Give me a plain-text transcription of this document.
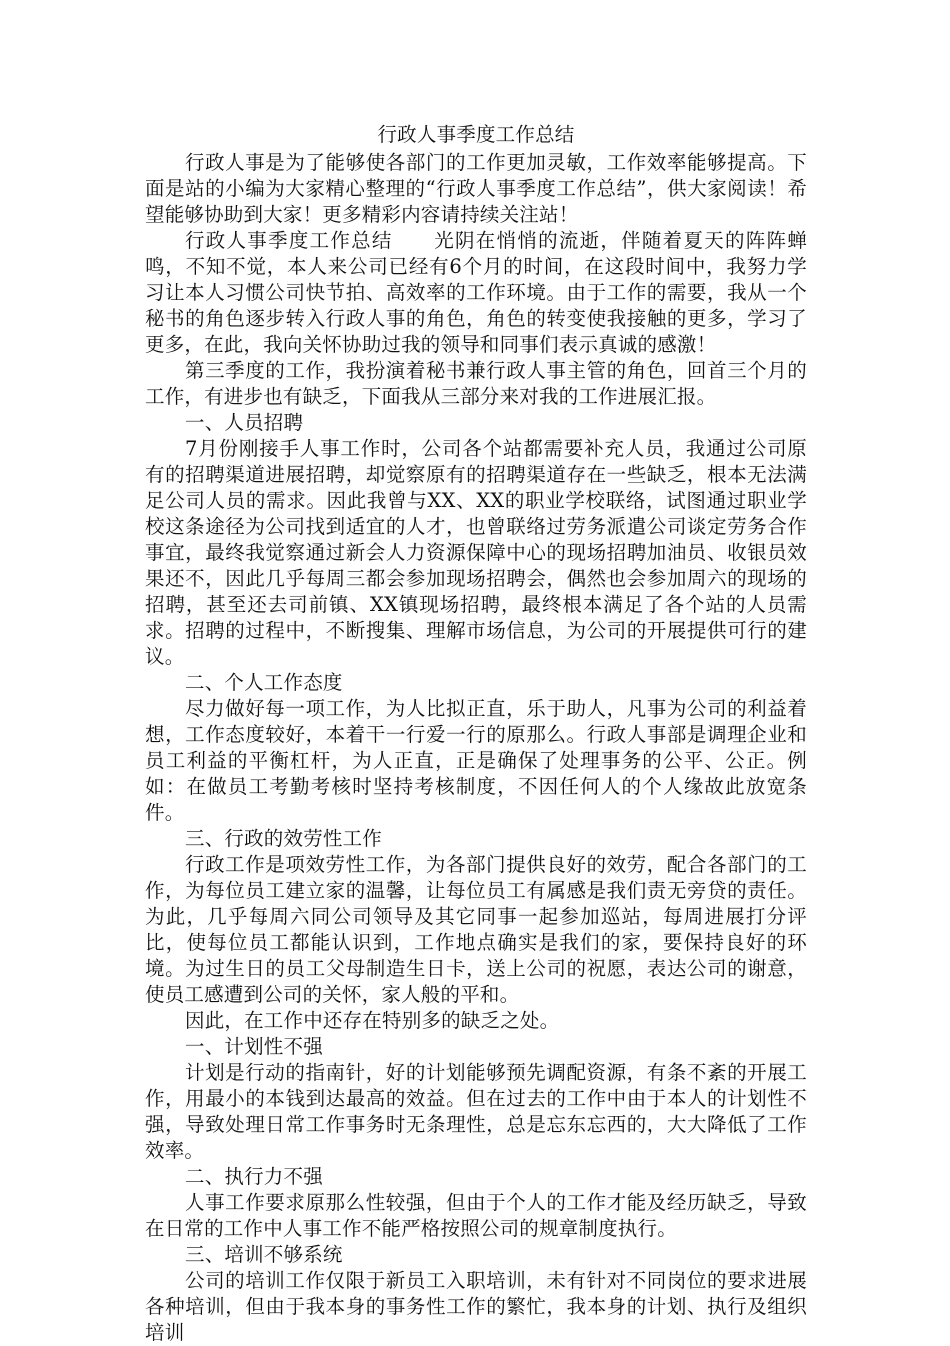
行政人事季度工作总结

行政人事是为了能够使各部门的工作更加灵敏，工作效率能够提高。下面是站的小编为大家精心整理的“行政人事季度工作总结”，供大家阅读！希望能够协助到大家！更多精彩内容请持续关注站！

行政人事季度工作总结　　光阴在悄悄的流逝，伴随着夏天的阵阵蝉鸣，不知不觉，本人来公司已经有6个月的时间，在这段时间中，我努力学习让本人习惯公司快节拍、高效率的工作环境。由于工作的需要，我从一个秘书的角色逐步转入行政人事的角色，角色的转变使我接触的更多，学习了更多，在此，我向关怀协助过我的领导和同事们表示真诚的感激！

第三季度的工作，我扮演着秘书兼行政人事主管的角色，回首三个月的工作，有进步也有缺乏，下面我从三部分来对我的工作进展汇报。

一、人员招聘

7月份刚接手人事工作时，公司各个站都需要补充人员，我通过公司原有的招聘渠道进展招聘，却觉察原有的招聘渠道存在一些缺乏，根本无法满足公司人员的需求。因此我曾与XX、XX的职业学校联络，试图通过职业学校这条途径为公司找到适宜的人才，也曾联络过劳务派遣公司谈定劳务合作事宜，最终我觉察通过新会人力资源保障中心的现场招聘加油员、收银员效果还不，因此几乎每周三都会参加现场招聘会，偶然也会参加周六的现场的招聘，甚至还去司前镇、XX镇现场招聘，最终根本满足了各个站的人员需求。招聘的过程中，不断搜集、理解市场信息，为公司的开展提供可行的建议。

二、个人工作态度

尽力做好每一项工作，为人比拟正直，乐于助人，凡事为公司的利益着想，工作态度较好，本着干一行爱一行的原那么。行政人事部是调理企业和员工利益的平衡杠杆，为人正直，正是确保了处理事务的公平、公正。例如：在做员工考勤考核时坚持考核制度，不因任何人的个人缘故此放宽条件。

三、行政的效劳性工作

行政工作是项效劳性工作，为各部门提供良好的效劳，配合各部门的工作，为每位员工建立家的温馨，让每位员工有属感是我们责无旁贷的责任。为此，几乎每周六同公司领导及其它同事一起参加巡站，每周进展打分评比，使每位员工都能认识到，工作地点确实是我们的家，要保持良好的环境。为过生日的员工父母制造生日卡，送上公司的祝愿，表达公司的谢意，使员工感遭到公司的关怀，家人般的平和。

因此，在工作中还存在特别多的缺乏之处。

一、计划性不强

计划是行动的指南针，好的计划能够预先调配资源，有条不紊的开展工作，用最小的本钱到达最高的效益。但在过去的工作中由于本人的计划性不强，导致处理日常工作事务时无条理性，总是忘东忘西的，大大降低了工作效率。

二、执行力不强

人事工作要求原那么性较强，但由于个人的工作才能及经历缺乏，导致在日常的工作中人事工作不能严格按照公司的规章制度执行。

三、培训不够系统

公司的培训工作仅限于新员工入职培训，未有针对不同岗位的要求进展各种培训，但由于我本身的事务性工作的繁忙，我本身的计划、执行及组织培训
